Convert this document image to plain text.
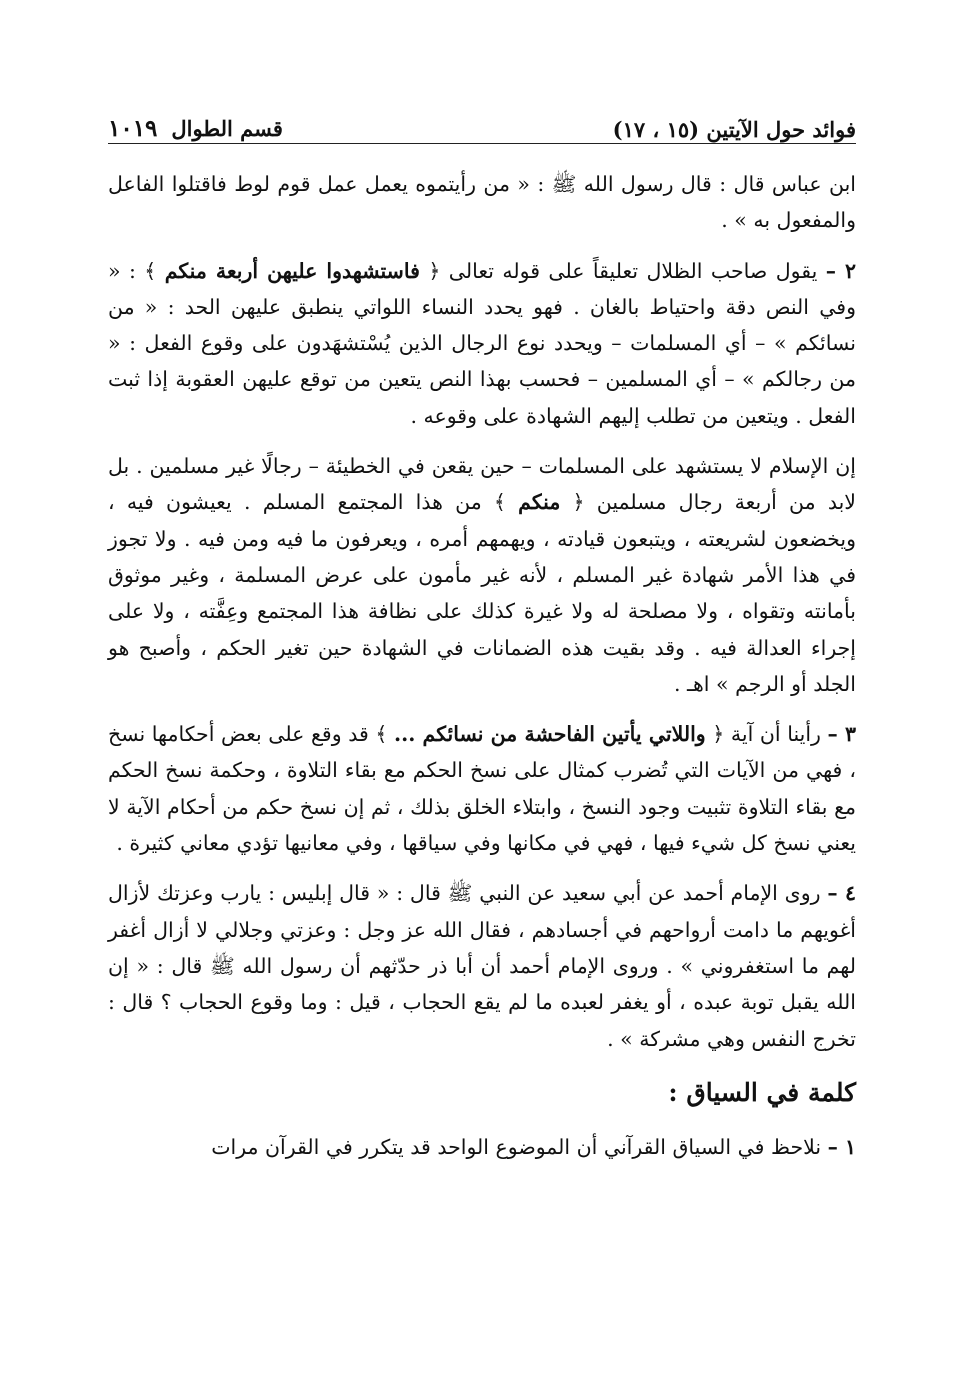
فوائد حول الآيتين (١٥ ، ١٧)
قسم الطوال
١٠١٩

ابن عباس قال : قال رسول الله ﷺ : « من رأيتموه يعمل عمل قوم لوط فاقتلوا الفاعل والمفعول به » .

٢ – يقول صاحب الظلال تعليقاً على قوله تعالى ﴿ فاستشهدوا عليهن أربعة منكم ﴾ : « وفي النص دقة واحتياط بالغان . فهو يحدد النساء اللواتي ينطبق عليهن الحد : « من نسائكم » – أي المسلمات – ويحدد نوع الرجال الذين يُسْتشهَدون على وقوع الفعل : « من رجالكم » – أي المسلمين – فحسب بهذا النص يتعين من توقع عليهن العقوبة إذا ثبت الفعل . ويتعين من تطلب إليهم الشهادة على وقوعه .

إن الإسلام لا يستشهد على المسلمات – حين يقعن في الخطيئة – رجالًا غير مسلمين . بل لابد من أربعة رجال مسلمين ﴿ منكم ﴾ من هذا المجتمع المسلم . يعيشون فيه ، ويخضعون لشريعته ، ويتبعون قيادته ، ويهمهم أمره ، ويعرفون ما فيه ومن فيه . ولا تجوز في هذا الأمر شهادة غير المسلم ، لأنه غير مأمون على عرض المسلمة ، وغير موثوق بأمانته وتقواه ، ولا مصلحة له ولا غيرة كذلك على نظافة هذا المجتمع وعِفَّته ، ولا على إجراء العدالة فيه . وقد بقيت هذه الضمانات في الشهادة حين تغير الحكم ، وأصبح هو الجلد أو الرجم » اهـ .

٣ – رأينا أن آية ﴿ واللاتي يأتين الفاحشة من نسائكم ... ﴾ قد وقع على بعض أحكامها نسخ ، فهي من الآيات التي تُضرب كمثال على نسخ الحكم مع بقاء التلاوة ، وحكمة نسخ الحكم مع بقاء التلاوة تثبيت وجود النسخ ، وابتلاء الخلق بذلك ، ثم إن نسخ حكم من أحكام الآية لا يعني نسخ كل شيء فيها ، فهي في مكانها وفي سياقها ، وفي معانيها تؤدي معاني كثيرة .

٤ – روى الإمام أحمد عن أبي سعيد عن النبي ﷺ قال : « قال إبليس : يارب وعزتك لأزال أغويهم ما دامت أرواحهم في أجسادهم ، فقال الله عز وجل : وعزتي وجلالي لا أزال أغفر لهم ما استغفروني » . وروى الإمام أحمد أن أبا ذر حدّثهم أن رسول الله ﷺ قال : « إن الله يقبل توبة عبده ، أو يغفر لعبده ما لم يقع الحجاب ، قيل : وما وقوع الحجاب ؟ قال : تخرج النفس وهي مشركة » .

كلمة في السياق :

١ – نلاحظ في السياق القرآني أن الموضوع الواحد قد يتكرر في القرآن مرات
